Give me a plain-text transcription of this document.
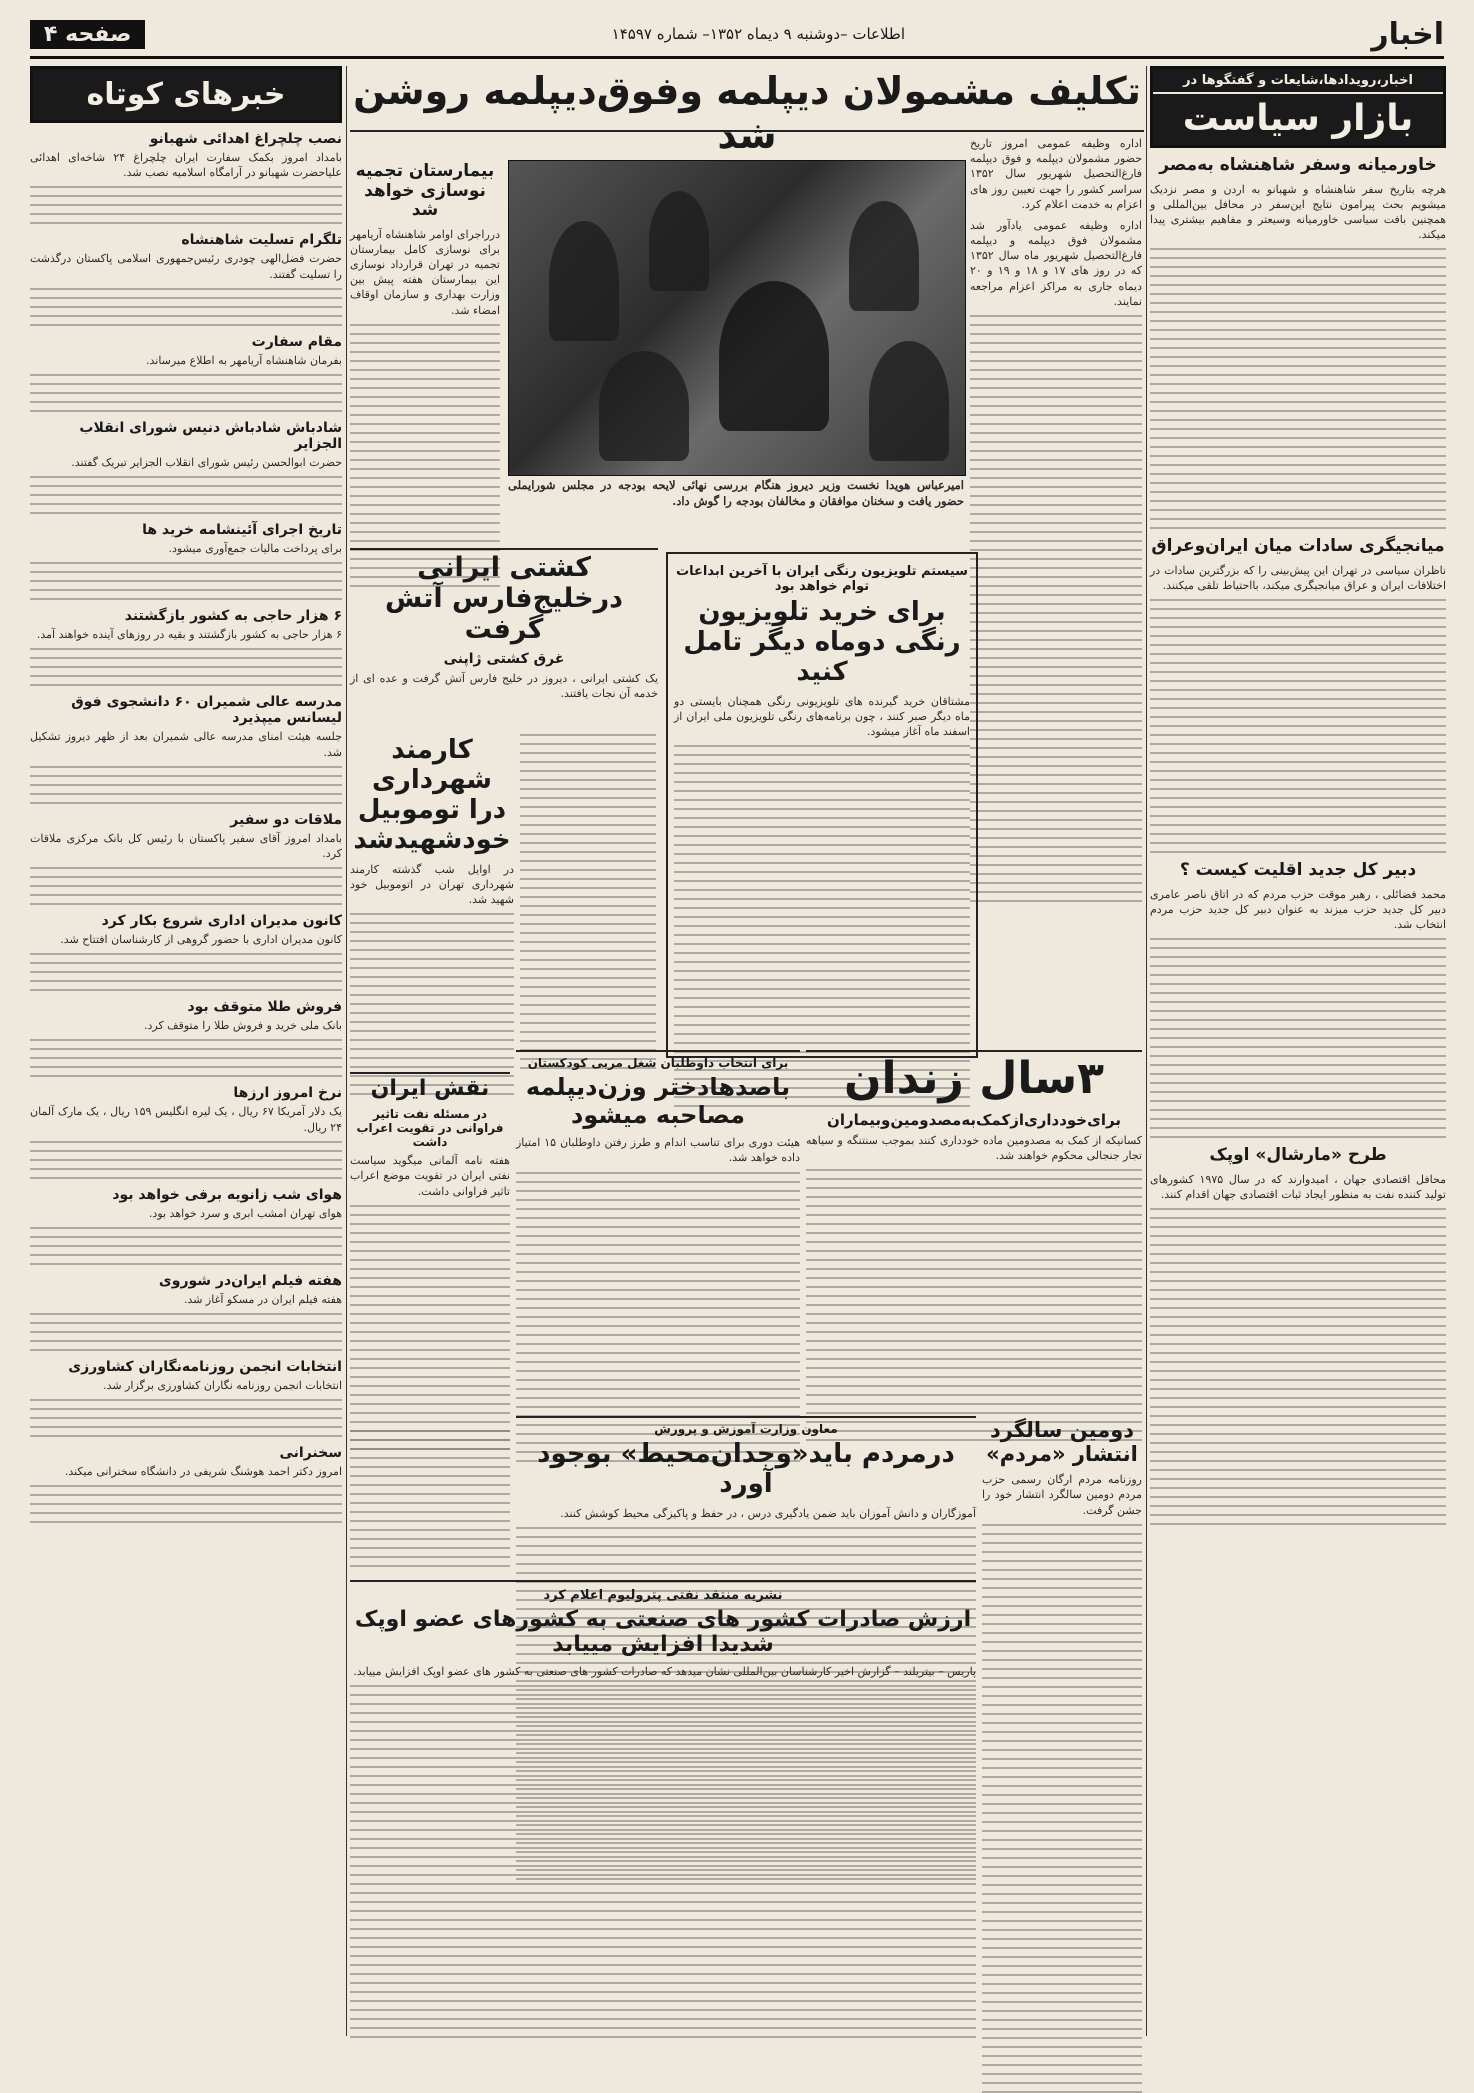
اخبار
اطلاعات –دوشنبه ۹ دیماه ۱۳۵۲– شماره ۱۴۵۹۷
صفحه ۴
اخبار،رویدادها،شایعات و گفتگوها در
بازار سیاست
خاورمیانه وسفر شاهنشاه به‌مصر

هرچه بتاریخ سفر شاهنشاه و شهبانو به اردن و مصر نزدیک میشویم بحث پیرامون نتایج این‌سفر در محافل بین‌المللی و همچنین بافت سیاسی خاورمیانه وسیعتر و مفاهیم بیشتری پیدا میکند.

میانجیگری سادات میان ایران‌وعراق

ناظران سیاسی در تهران این پیش‌بینی را که بزرگترین سادات در اختلافات ایران و عراق میانجیگری میکند، بااحتیاط تلقی میکنند.

دبیر کل جدید اقلیت کیست ؟

محمد فضائلی ، رهبر موقت حزب مردم که در اتاق ناصر عامری دبیر کل جدید حزب میزند به عنوان دبیر کل جدید حزب مردم انتخاب شد.

طرح «مارشال» اوپک

محافل اقتصادی جهان ، امیدوارند که در سال ۱۹۷۵ کشورهای تولید کننده نفت به منظور ایجاد ثبات اقتصادی جهان اقدام کنند.

خبرهای کوتاه
نصب چلچراغ اهدائی شهبانو

بامداد امروز بکمک سفارت ایران چلچراغ ۲۴ شاخه‌ای اهدائی علیاحضرت شهبانو در آرامگاه اسلامیه نصب شد.

تلگرام تسلیت شاهنشاه

حضرت فضل‌الهی چودری رئیس‌جمهوری اسلامی پاکستان درگذشت را تسلیت گفتند.

مقام سفارت

بفرمان شاهنشاه آریامهر به اطلاع میرساند.

شادباش شادباش دنیس شورای انقلاب الجزایر

حضرت ابوالحسن رئیس شورای انقلاب الجزایر تبریک گفتند.

تاریخ اجرای آئینشامه خرید ها

برای پرداخت مالیات جمع‌آوری میشود.

۶ هزار حاجی به کشور بازگشتند

۶ هزار حاجی به کشور بازگشتند و بقیه در روزهای آینده خواهند آمد.

مدرسه عالی شمیران ۶۰ دانشجوی فوق لیسانس میپذیرد

جلسه هیئت امنای مدرسه عالی شمیران بعد از ظهر دیروز تشکیل شد.

ملاقات دو سفیر

بامداد امروز آقای سفیر پاکستان با رئیس کل بانک مرکزی ملاقات کرد.

کانون مدیران اداری شروع بکار کرد

کانون مدیران اداری با حضور گروهی از کارشناسان افتتاح شد.

فروش طلا متوقف بود

بانک ملی خرید و فروش طلا را متوقف کرد.

نرخ امروز ارزها

یک دلار آمریکا ۶۷ ریال ، یک لیره انگلیس ۱۵۹ ریال ، یک مارک آلمان ۲۴ ریال.

هوای شب زانویه برفی خواهد بود

هوای تهران امشب ابری و سرد خواهد بود.

هفته فیلم ایران‌در شوروی

هفته فیلم ایران در مسکو آغاز شد.

انتخابات انجمن روزنامه‌نگاران کشاورزی

انتخابات انجمن روزنامه نگاران کشاورزی برگزار شد.

سخنرانی

امروز دکتر احمد هوشنگ شریفی در دانشگاه سخنرانی میکند.

تکلیف مشمولان دیپلمه وفوق‌دیپلمه روشن شد	اداره وظیفه عمومی امروز تاریخ حضور مشمولان دیپلمه و فوق دیپلمه فارغ‌التحصیل شهریور سال ۱۳۵۲ سراسر کشور را جهت تعیین روز های اعزام به خدمت اعلام کرد.

اداره وظیفه عمومی یادآور شد مشمولان فوق دیپلمه و دیپلمه فارغ‌التحصیل شهریور ماه سال ۱۳۵۲ که در روز های ۱۷ و ۱۸ و ۱۹ و ۲۰ دیماه جاری به مراکز اعزام مراجعه نمایند.

امیرعباس هویدا نخست وزیر دیروز هنگام بررسی نهائی لایحه بودجه در مجلس شورایملی حضور یافت و سخنان موافقان و مخالفان بودجه را گوش داد.

بیمارستان تجمیه نوسازی خواهد شد

درراجرای اوامر شاهنشاه آریامهر برای نوسازی کامل بیمارستان تجمیه در تهران قرارداد نوسازی این بیمارستان هفته پیش بین وزارت بهداری و سازمان اوقاف امضاء شد.

کشتی ایرانی درخلیج‌فارس آتش گرفت
غرق کشتی ژاپنی

یک کشتی ایرانی ، دیروز در خلیج فارس آتش گرفت و عده ای از خدمه آن نجات یافتند.

کارمند شهرداری درا توموبیل خودشهیدشد

در اوایل شب گذشته کارمند شهرداری تهران در اتوموبیل خود شهید شد.

سیستم تلویزیون رنگی ایران با آخرین ابداعات توام خواهد بود
برای خرید تلویزیون رنگی دوماه دیگر تامل کنید

مشتاقان خرید گیرنده های تلویزیونی رنگی همچنان بایستی دو ماه دیگر صبر کنند ، چون برنامه‌های رنگی تلویزیون ملی ایران از اسفند ماه آغاز میشود.

۳سال زندان
برای‌خودداری‌از‌کمک‌به‌مصدومین‌و‌بیماران

کسانیکه از کمک به مصدومین ماده خودداری کنند بموجب سنتنگه و سیاهه تجار جنجالی محکوم خواهند شد.

برای انتخاب داوطلبان شغل مربی کودکستان
باصدهادختر وزن‌دیپلمه مصاحبه میشود

هیئت دوری برای تناسب اندام و طرز رفتن داوطلبان ۱۵ امتیاز داده خواهد شد.

نقش ایران
در مسئله نفت تاثیر فراوانی در تقویت اعراب داشت

هفته نامه آلمانی میگوید سیاست نفتی ایران در تقویت موضع اعراب تاثیر فراوانی داشت.

معاون وزارت آموزش و پرورش
درمردم باید«وجدان‌محیط» بوجود آورد

آموزگاران و دانش آموزان باید ضمن یادگیری درس ، در حفظ و پاکیزگی محیط کوشش کنند.

دومین سالگرد انتشار «مردم»

روزنامه مردم ارگان رسمی حزب مردم دومین سالگرد انتشار خود را جشن گرفت.

نشریه منتقد نفتی پترولیوم اعلام کرد
ارزش صادرات کشور های صنعتی به کشورهای عضو اوپک شدیدا افزایش مییابد

پاریس – بیتریلند – گزارش اخیر کارشناسان بین‌المللی نشان میدهد که صادرات کشور های صنعتی به کشور های عضو اوپک افزایش مییابد.
